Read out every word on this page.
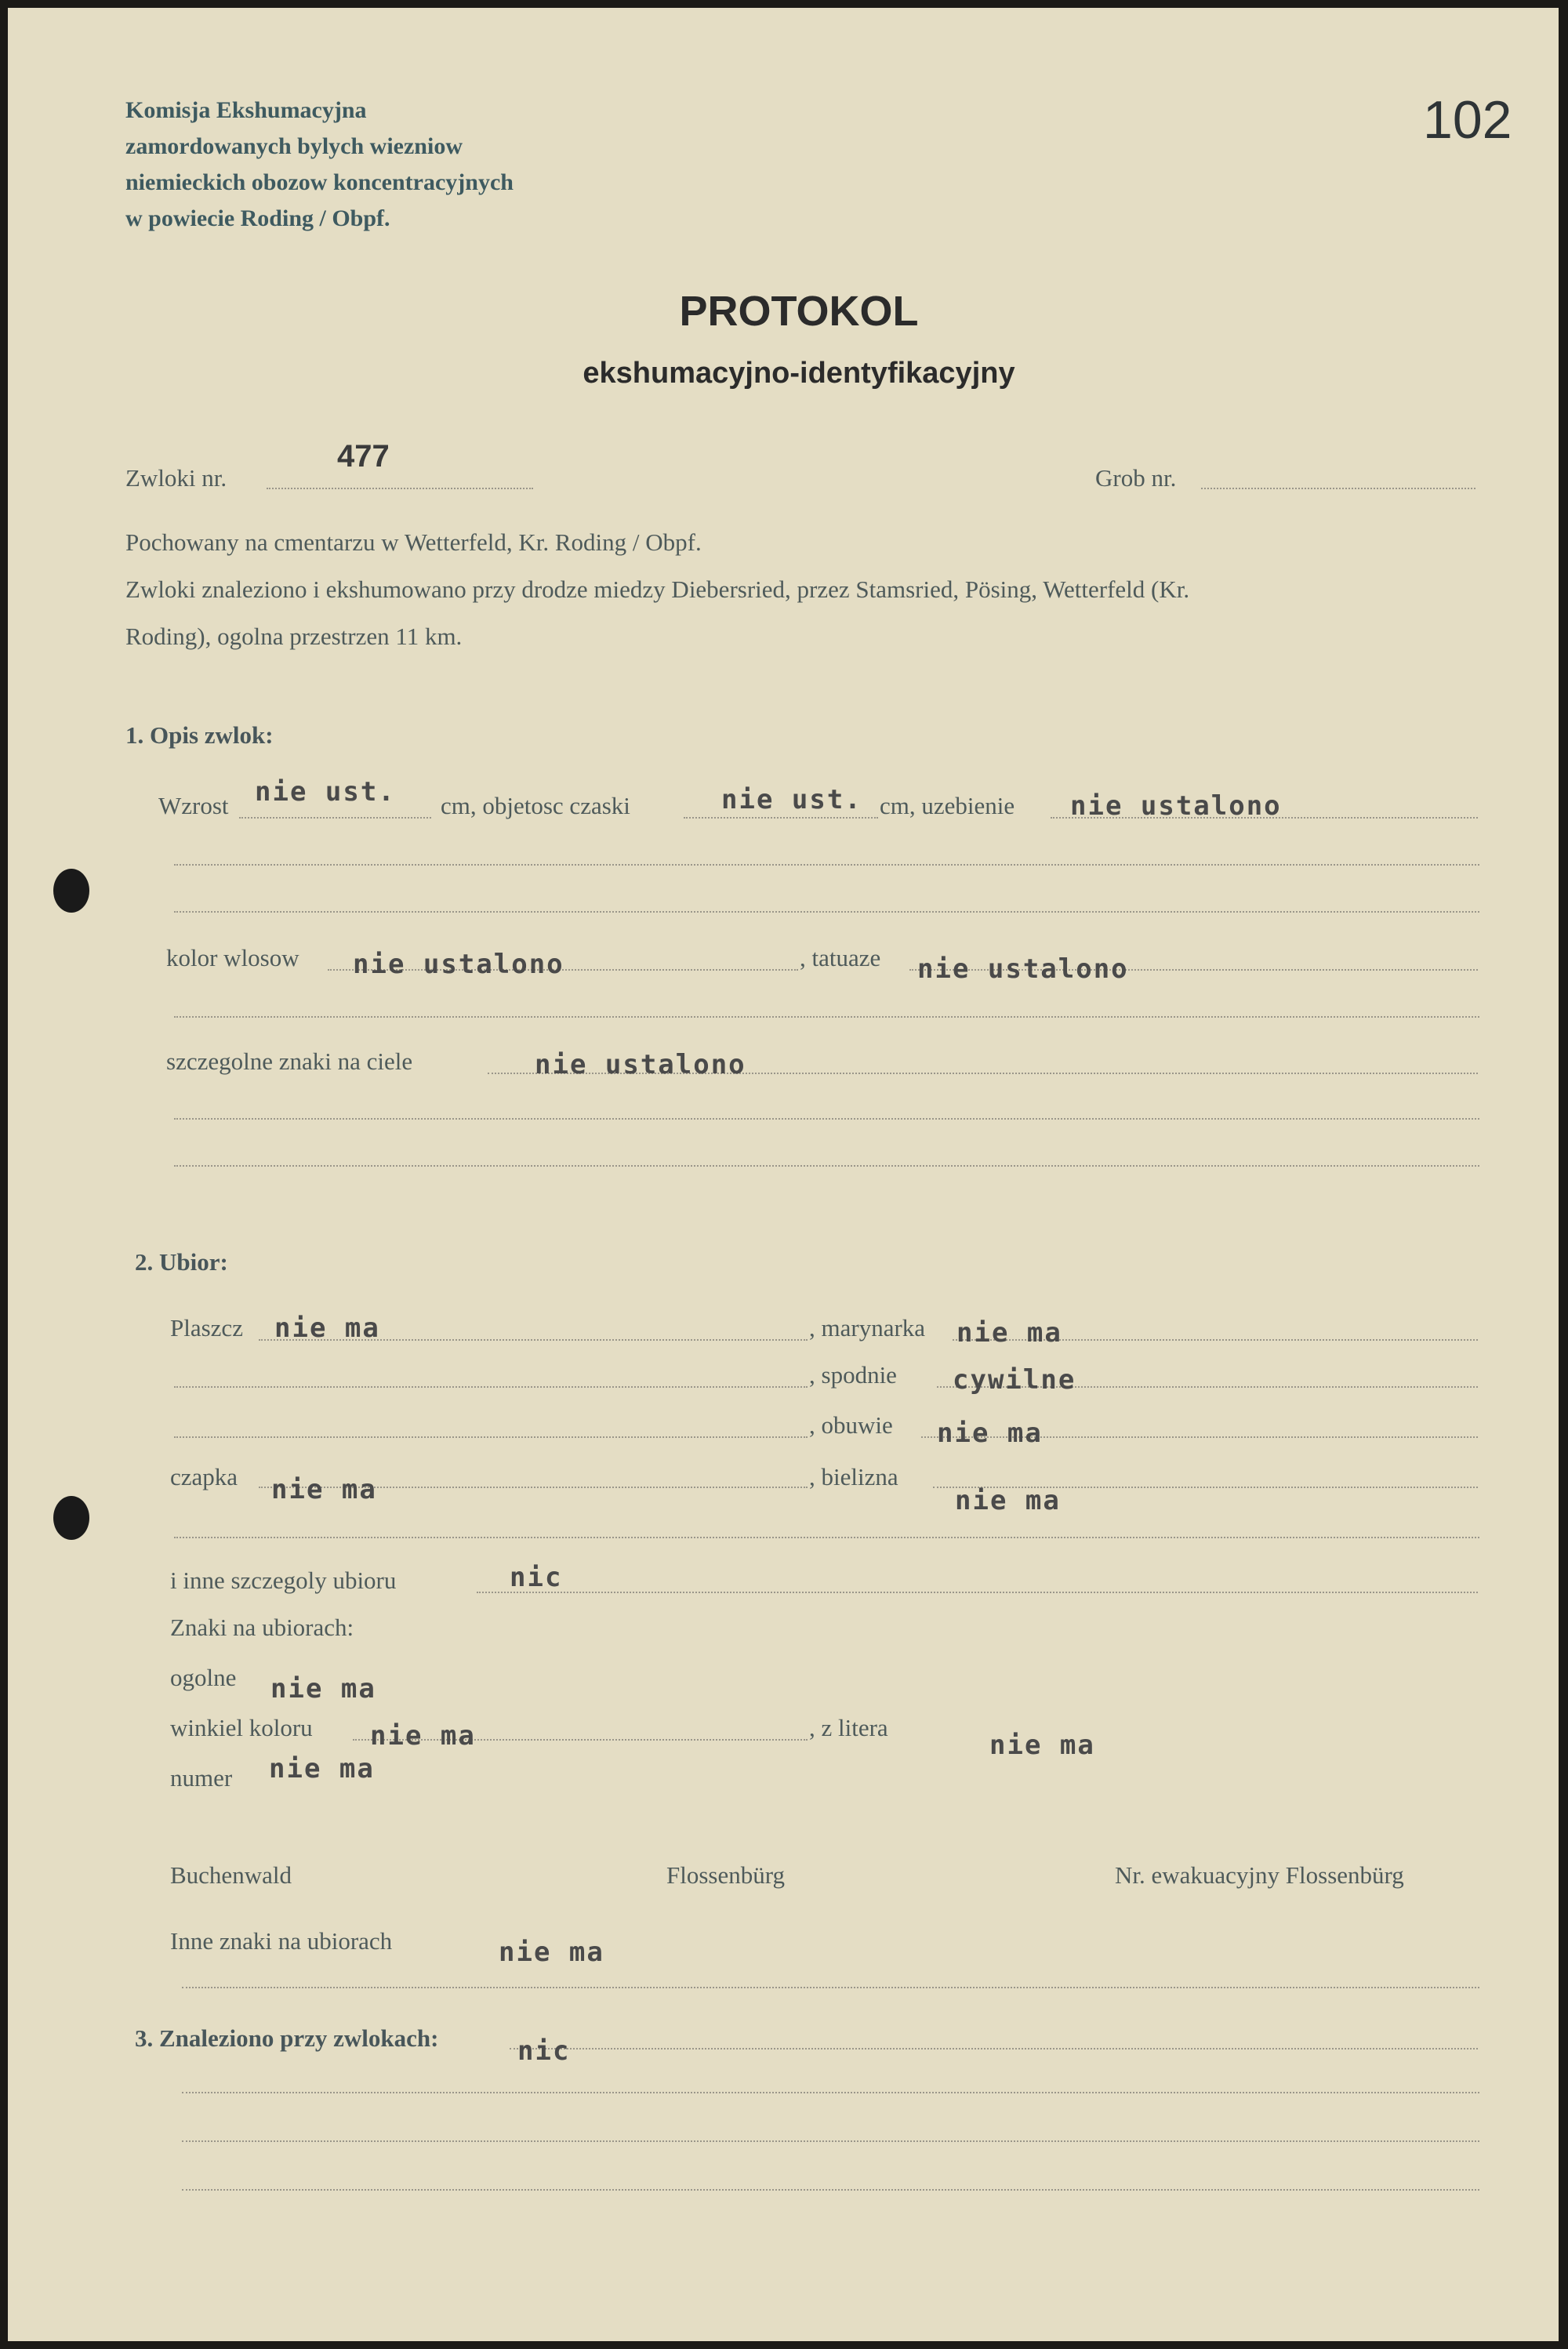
Komisja Ekshumacyjna
zamordowanych bylych wiezniow
niemieckich obozow koncentracyjnych
w powiecie Roding / Obpf.
102
PROTOKOL
ekshumacyjno-identyfikacyjny
Zwloki nr.
477
Grob nr.
Pochowany na cmentarzu w Wetterfeld, Kr. Roding / Obpf.
Zwloki znaleziono i ekshumowano przy drodze miedzy Diebersried, przez Stamsried, Pösing, Wetterfeld (Kr.
Roding), ogolna przestrzen 11 km.
1. Opis zwlok:
Wzrost nie ust. cm, objetosc czaski	nie ust. cm, uzebienie nie ustalono
kolor wlosow nie ustalono	, tatuaze nie ustalono
szczegolne znaki na ciele	nie ustalono
2. Ubior:
Plaszcz nie ma	, marynarka nie ma
, spodnie cywilne
, obuwie nie ma
czapka nie ma	, bielizna
nie ma
i inne szczegoly ubioru	nic
Znaki na ubiorach:
ogolne nie ma
winkiel koloru nie ma	, z litera
nie ma
numer nie ma
Buchenwald	Flossenbürg	Nr. ewakuacyjny Flossenbürg
Inne znaki na ubiorach	nie ma
3. Znaleziono przy zwlokach:	nic
